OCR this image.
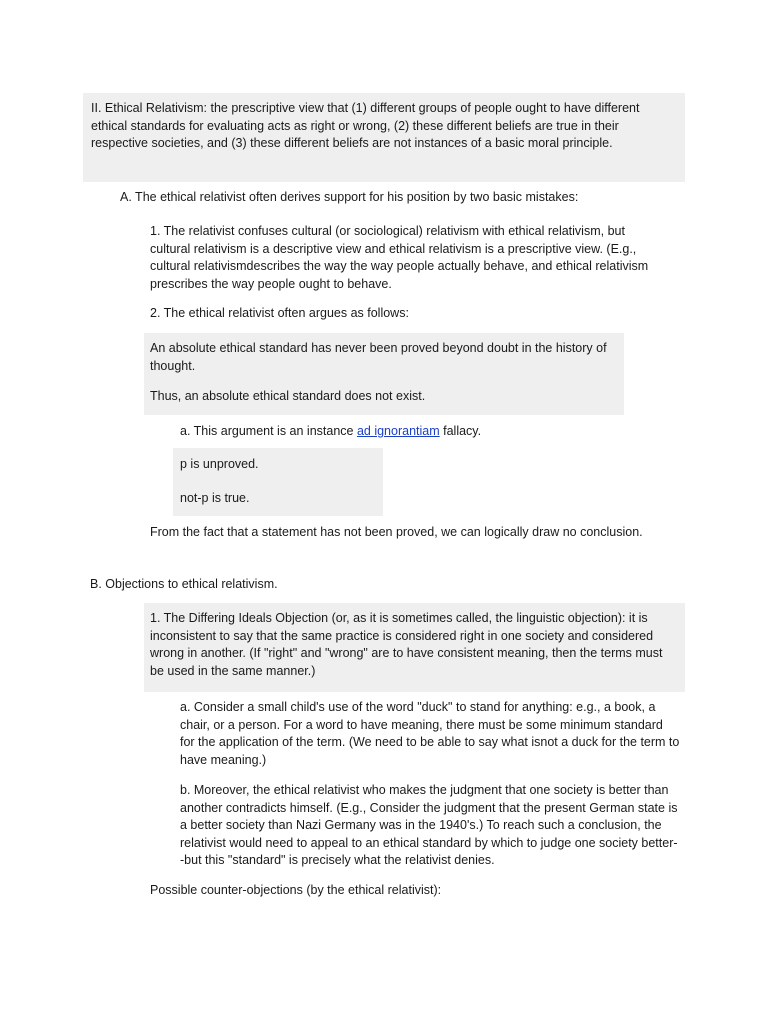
II. Ethical Relativism: the prescriptive view that (1) different groups of people ought to have different ethical standards for evaluating acts as right or wrong, (2) these different beliefs are true in their respective societies, and (3) these different beliefs are not instances of a basic moral principle.

A. The ethical relativist often derives support for his position by two basic mistakes:

1. The relativist confuses cultural (or sociological) relativism with ethical relativism, but cultural relativism is a descriptive view and ethical relativism is a prescriptive view. (E.g., cultural relativismdescribes the way the way people actually behave, and ethical relativism prescribes the way people ought to behave.

2. The ethical relativist often argues as follows:

An absolute ethical standard has never been proved beyond doubt in the history of thought.

Thus, an absolute ethical standard does not exist.

a. This argument is an instance ad ignorantiam fallacy.

p is unproved.

not-p is true.

From the fact that a statement has not been proved, we can logically draw no conclusion.

B. Objections to ethical relativism.

1. The Differing Ideals Objection (or, as it is sometimes called, the linguistic objection): it is inconsistent to say that the same practice is considered right in one society and considered wrong in another. (If "right" and "wrong" are to have consistent meaning, then the terms must be used in the same manner.)

a. Consider a small child's use of the word "duck" to stand for anything: e.g., a book, a chair, or a person. For a word to have meaning, there must be some minimum standard for the application of the term. (We need to be able to say what isnot a duck for the term to have meaning.)

b. Moreover, the ethical relativist who makes the judgment that one society is better than another contradicts himself. (E.g., Consider the judgment that the present German state is a better society than Nazi Germany was in the 1940's.) To reach such a conclusion, the relativist would need to appeal to an ethical standard by which to judge one society better--but this "standard" is precisely what the relativist denies.

Possible counter-objections (by the ethical relativist):
